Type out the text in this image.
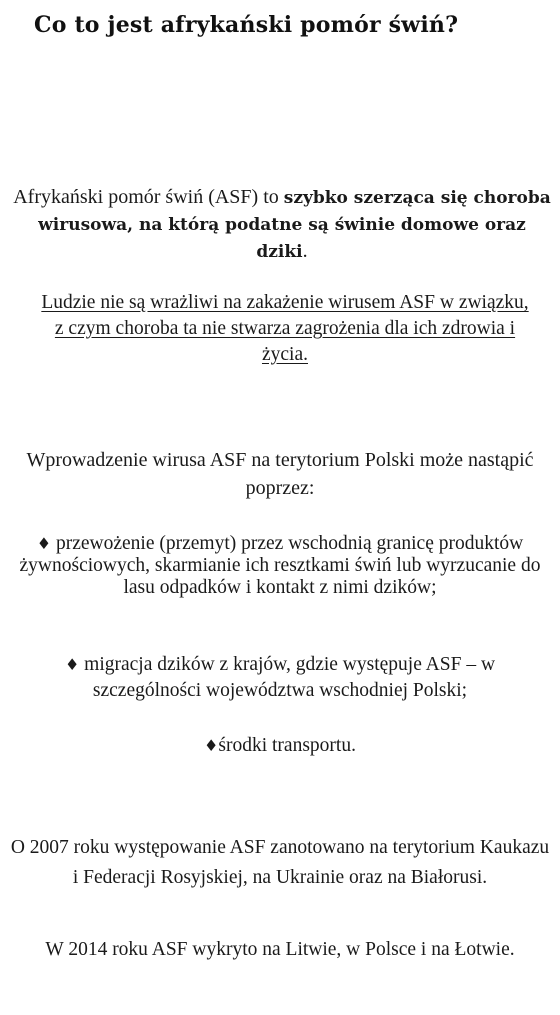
Co to jest afrykański pomór świń?

Afrykański pomór świń (ASF) to szybko szerząca się choroba wirusowa, na którą podatne są świnie domowe oraz dziki.

Ludzie nie są wrażliwi na zakażenie wirusem ASF w związku, z czym choroba ta nie stwarza zagrożenia dla ich zdrowia i życia.

Wprowadzenie wirusa ASF na terytorium Polski może nastąpić poprzez:

♦ przewożenie (przemyt) przez wschodnią granicę produktów żywnościowych, skarmianie ich resztkami świń lub wyrzucanie do lasu odpadków i kontakt z nimi dzików;

♦ migracja dzików z krajów, gdzie występuje ASF – w szczególności województwa wschodniej Polski;

♦środki transportu.

O 2007 roku występowanie ASF zanotowano na terytorium Kaukazu i Federacji Rosyjskiej, na Ukrainie oraz na Białorusi.

W 2014 roku ASF wykryto na Litwie, w Polsce i na Łotwie.
